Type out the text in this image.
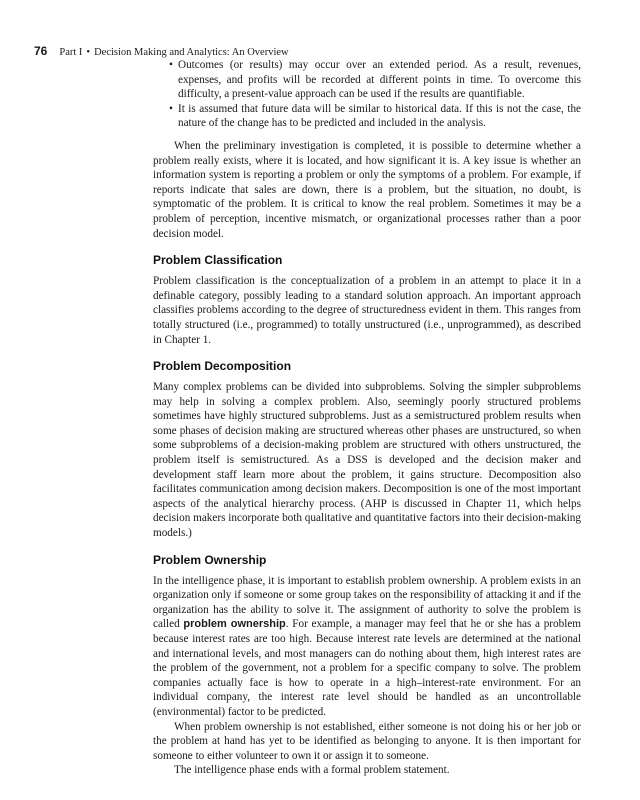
76 Part I • Decision Making and Analytics: An Overview
• Outcomes (or results) may occur over an extended period. As a result, revenues, expenses, and profits will be recorded at different points in time. To overcome this difficulty, a present-value approach can be used if the results are quantifiable.
• It is assumed that future data will be similar to historical data. If this is not the case, the nature of the change has to be predicted and included in the analysis.

When the preliminary investigation is completed, it is possible to determine whether a problem really exists, where it is located, and how significant it is. A key issue is whether an information system is reporting a problem or only the symptoms of a problem. For example, if reports indicate that sales are down, there is a problem, but the situation, no doubt, is symptomatic of the problem. It is critical to know the real problem. Sometimes it may be a problem of perception, incentive mismatch, or organizational processes rather than a poor decision model.

Problem Classification

Problem classification is the conceptualization of a problem in an attempt to place it in a definable category, possibly leading to a standard solution approach. An important approach classifies problems according to the degree of structuredness evident in them. This ranges from totally structured (i.e., programmed) to totally unstructured (i.e., unprogrammed), as described in Chapter 1.

Problem Decomposition

Many complex problems can be divided into subproblems. Solving the simpler subproblems may help in solving a complex problem. Also, seemingly poorly structured problems sometimes have highly structured subproblems. Just as a semistructured problem results when some phases of decision making are structured whereas other phases are unstructured, so when some subproblems of a decision-making problem are structured with others unstructured, the problem itself is semistructured. As a DSS is developed and the decision maker and development staff learn more about the problem, it gains structure. Decomposition also facilitates communication among decision makers. Decomposition is one of the most important aspects of the analytical hierarchy process. (AHP is discussed in Chapter 11, which helps decision makers incorporate both qualitative and quantitative factors into their decision-making models.)

Problem Ownership

In the intelligence phase, it is important to establish problem ownership. A problem exists in an organization only if someone or some group takes on the responsibility of attacking it and if the organization has the ability to solve it. The assignment of authority to solve the problem is called problem ownership. For example, a manager may feel that he or she has a problem because interest rates are too high. Because interest rate levels are determined at the national and international levels, and most managers can do nothing about them, high interest rates are the problem of the government, not a problem for a specific company to solve. The problem companies actually face is how to operate in a high–interest-rate environment. For an individual company, the interest rate level should be handled as an uncontrollable (environmental) factor to be predicted.

When problem ownership is not established, either someone is not doing his or her job or the problem at hand has yet to be identified as belonging to anyone. It is then important for someone to either volunteer to own it or assign it to someone.

The intelligence phase ends with a formal problem statement.
